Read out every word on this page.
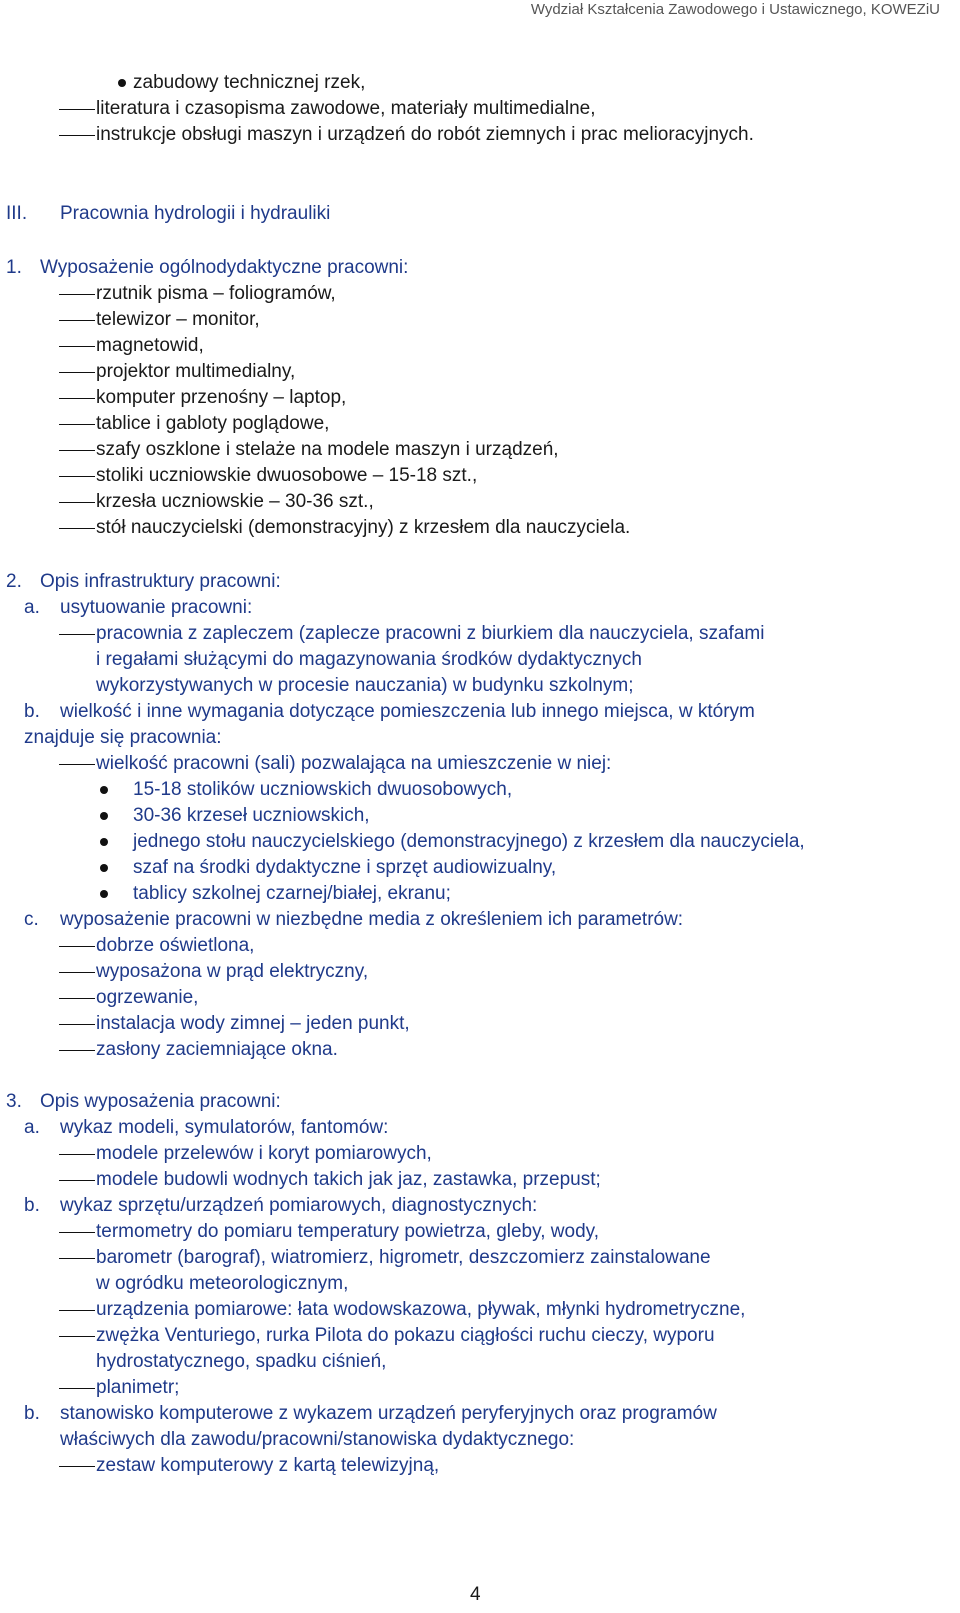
Wydział Kształcenia Zawodowego i Ustawicznego, KOWEZiU
zabudowy technicznej rzek,
literatura i czasopisma zawodowe, materiały multimedialne,
instrukcje obsługi maszyn i urządzeń do robót ziemnych i prac melioracyjnych.
III. Pracownia hydrologii i hydrauliki
1. Wyposażenie ogólnodydaktyczne pracowni:
rzutnik pisma – foliogramów,
telewizor – monitor,
magnetowid,
projektor multimedialny,
komputer przenośny – laptop,
tablice i gabloty poglądowe,
szafy oszklone i stelaże na modele maszyn i urządzeń,
stoliki uczniowskie dwuosobowe – 15-18 szt.,
krzesła uczniowskie – 30-36 szt.,
stół nauczycielski (demonstracyjny) z krzesłem dla nauczyciela.
2. Opis infrastruktury pracowni:
a. usytuowanie pracowni:
pracownia z zapleczem (zaplecze pracowni z biurkiem dla nauczyciela, szafami
i regałami służącymi do magazynowania środków dydaktycznych
wykorzystywanych w procesie nauczania) w budynku szkolnym;
b. wielkość i inne wymagania dotyczące pomieszczenia lub innego miejsca, w którym
znajduje się pracownia:
wielkość pracowni (sali) pozwalająca na umieszczenie w niej:
15-18 stolików uczniowskich dwuosobowych,
30-36 krzeseł uczniowskich,
jednego stołu nauczycielskiego (demonstracyjnego) z krzesłem dla nauczyciela,
szaf na środki dydaktyczne i sprzęt audiowizualny,
tablicy szkolnej czarnej/białej, ekranu;
c. wyposażenie pracowni w niezbędne media z określeniem ich parametrów:
dobrze oświetlona,
wyposażona w prąd elektryczny,
ogrzewanie,
instalacja wody zimnej – jeden punkt,
zasłony zaciemniające okna.
3. Opis wyposażenia pracowni:
a. wykaz modeli, symulatorów, fantomów:
modele przelewów i koryt pomiarowych,
modele budowli wodnych takich jak jaz, zastawka, przepust;
b. wykaz sprzętu/urządzeń pomiarowych, diagnostycznych:
termometry do pomiaru temperatury powietrza, gleby, wody,
barometr (barograf), wiatromierz, higrometr, deszczomierz zainstalowane
w ogródku meteorologicznym,
urządzenia pomiarowe: łata wodowskazowa, pływak, młynki hydrometryczne,
zwężka Venturiego, rurka Pilota do pokazu ciągłości ruchu cieczy, wyporu
hydrostatycznego, spadku ciśnień,
planimetr;
b. stanowisko komputerowe z wykazem urządzeń peryferyjnych oraz programów
właściwych dla zawodu/pracowni/stanowiska dydaktycznego:
zestaw komputerowy z kartą telewizyjną,
4
